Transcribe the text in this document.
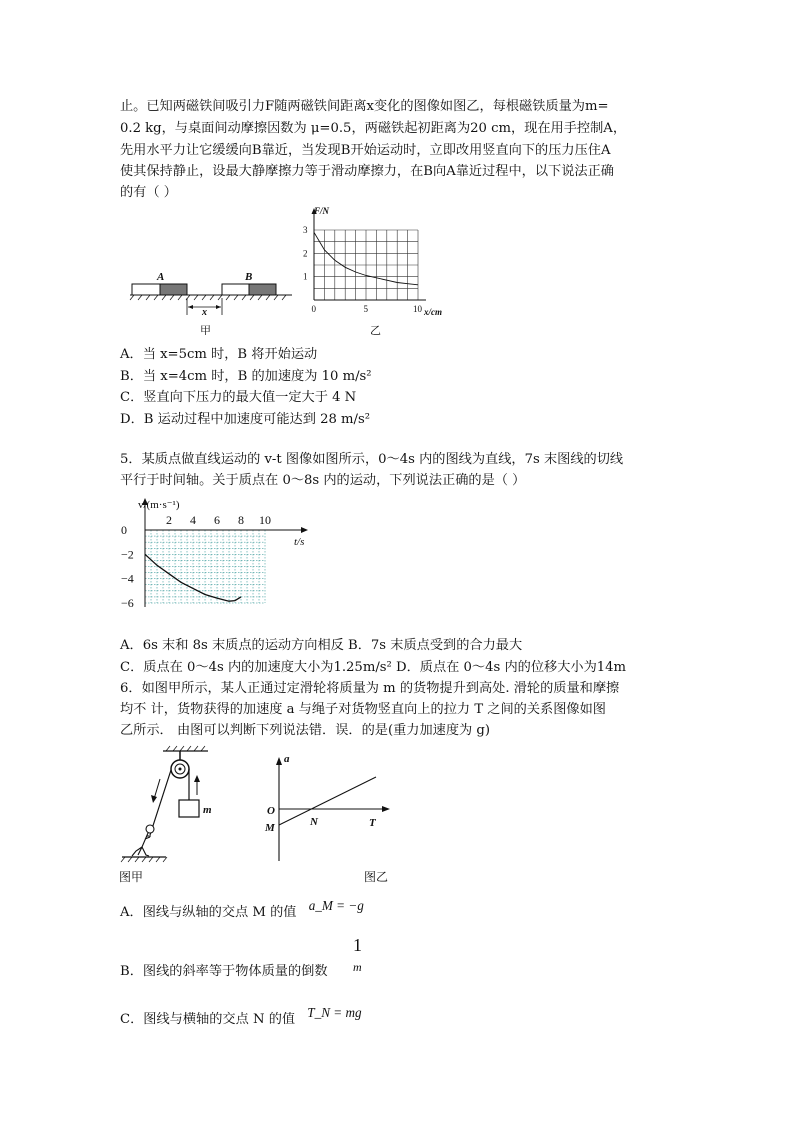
止。已知两磁铁间吸引力F随两磁铁间距离x变化的图像如图乙，每根磁铁质量为m=
0.2 kg，与桌面间动摩擦因数为 μ=0.5，两磁铁起初距离为20 cm，现在用手控制A，
先用水平力让它缓缓向B靠近，当发现B开始运动时，立即改用竖直向下的压力压住A
使其保持静止，设最大静摩擦力等于滑动摩擦力，在B向A靠近过程中，以下说法正确
的有（ ）
A	B
x
甲
1
2
3
0	5	10
F/N
x/cm
乙
A．当 x=5cm 时，B 将开始运动
B．当 x=4cm 时，B 的加速度为 10 m/s²
C．竖直向下压力的最大值一定大于 4 N
D．B 运动过程中加速度可能达到 28 m/s²
5．某质点做直线运动的 v-t 图像如图所示，0～4s 内的图线为直线，7s 末图线的切线
平行于时间轴。关于质点在 0～8s 内的运动，下列说法正确的是（ ）
2 4 6 8 10
0
−2
−4
−6
v/(m·s⁻¹)
t/s
A．6s 末和 8s 末质点的运动方向相反 B．7s 末质点受到的合力最大
C．质点在 0～4s 内的加速度大小为1.25m/s² D．质点在 0～4s 内的位移大小为14m
6．如图甲所示，某人正通过定滑轮将质量为 m 的货物提升到高处. 滑轮的质量和摩擦
均不 计，货物获得的加速度 a 与绳子对货物竖直向上的拉力 T 之间的关系图像如图
乙所示． 由图可以判断下列说法错．误．的是(重力加速度为 g)
m
图甲
a
O
M	N	T
图乙
A．图线与纵轴的交点 M 的值 a_M = −g
B．图线的斜率等于物体质量的倒数
1
m
C．图线与横轴的交点 N 的值 T_N = mg
